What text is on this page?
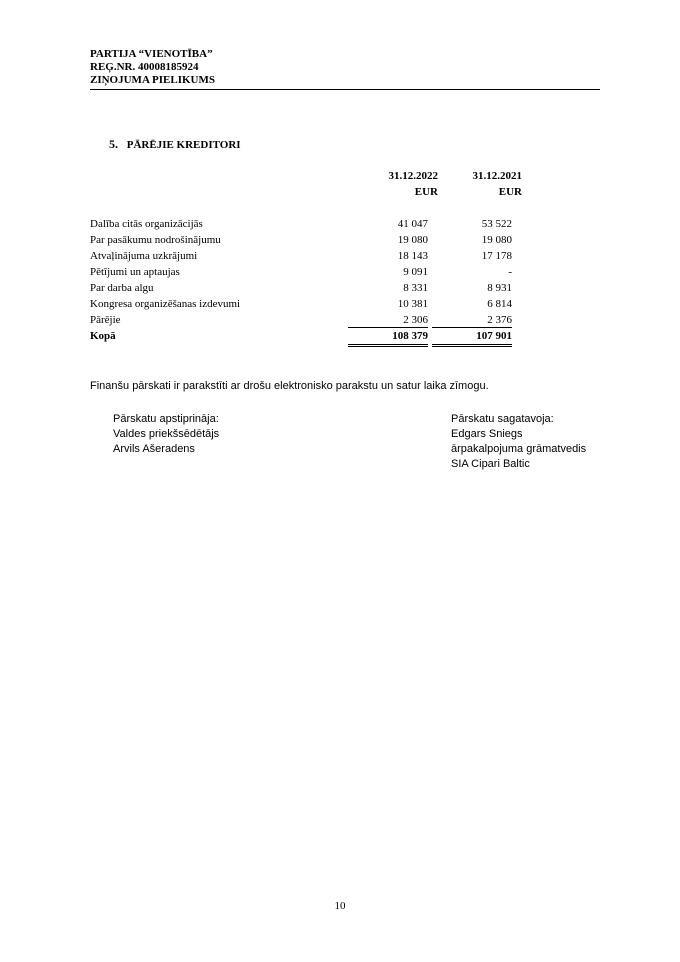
PARTIJA “VIENOTĪBA”
REĢ.NR. 40008185924
ZIŅOJUMA PIELIKUMS
5. PĀRĒJIE KREDITORI
31.12.2022	31.12.2021
EUR	EUR
Dalība citās organizācijās	41 047	53 522
Par pasākumu nodrošinājumu	19 080	19 080
Atvaļinājuma uzkrājumi	18 143	17 178
Pētījumi un aptaujas	9 091	-
Par darba algu	8 331	8 931
Kongresa organizēšanas izdevumi	10 381	6 814
Pārējie	2 306	2 376
Kopā	108 379	107 901
Finanšu pārskati ir parakstīti ar drošu elektronisko parakstu un satur laika zīmogu.
Pārskatu apstiprināja:
Valdes priekšsēdētājs
Arvils Ašeradens
Pārskatu sagatavoja:
Edgars Sniegs
ārpakalpojuma grāmatvedis
SIA Cipari Baltic
10
